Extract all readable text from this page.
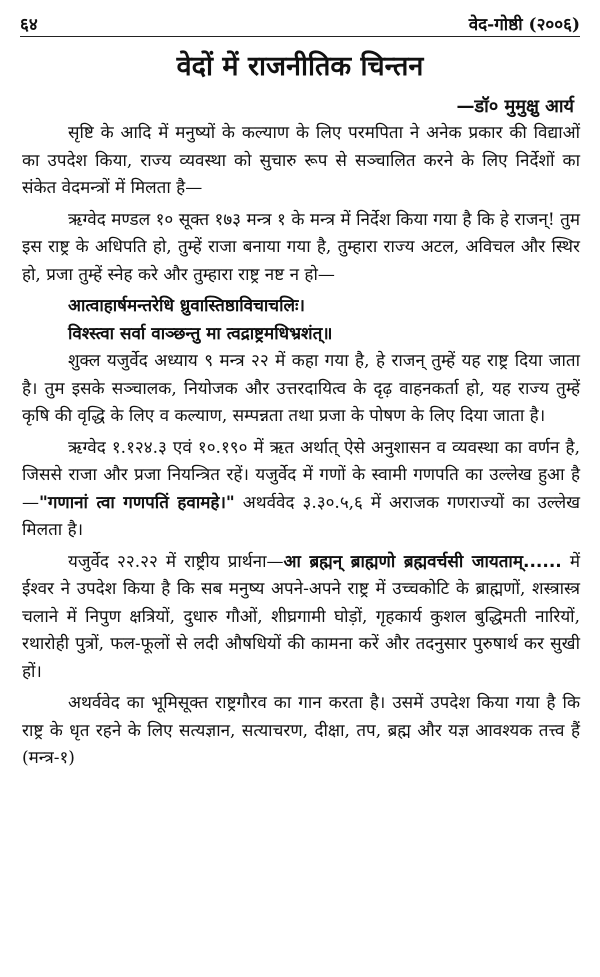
६४	वेद-गोष्ठी (२००६)
वेदों में राजनीतिक चिन्तन
—डॉ० मुमुक्षु आर्य

सृष्टि के आदि में मनुष्यों के कल्याण के लिए परमपिता ने अनेक प्रकार की विद्याओं का उपदेश किया, राज्य व्यवस्था को सुचारु रूप से सञ्चालित करने के लिए निर्देशों का संकेत वेदमन्त्रों में मिलता है—

ऋग्वेद मण्डल १० सूक्त १७३ मन्त्र १ के मन्त्र में निर्देश किया गया है कि हे राजन्! तुम इस राष्ट्र के अधिपति हो, तुम्हें राजा बनाया गया है, तुम्हारा राज्य अटल, अविचल और स्थिर हो, प्रजा तुम्हें स्नेह करे और तुम्हारा राष्ट्र नष्ट न हो—

आत्वाहार्षमन्तरेधि ध्रुवास्तिष्ठाविचाचलिः।

विश्स्त्वा सर्वा वाञ्छन्तु मा त्वद्राष्ट्रमधिभ्रशंत्॥

शुक्ल यजुर्वेद अध्याय ९ मन्त्र २२ में कहा गया है, हे राजन् तुम्हें यह राष्ट्र दिया जाता है। तुम इसके सञ्चालक, नियोजक और उत्तरदायित्व के दृढ़ वाहनकर्ता हो, यह राज्य तुम्हें कृषि की वृद्धि के लिए व कल्याण, सम्पन्नता तथा प्रजा के पोषण के लिए दिया जाता है।

ऋग्वेद १.१२४.३ एवं १०.१९० में ऋत अर्थात् ऐसे अनुशासन व व्यवस्था का वर्णन है, जिससे राजा और प्रजा नियन्त्रित रहें। यजुर्वेद में गणों के स्वामी गणपति का उल्लेख हुआ है—"गणानां त्वा गणपतिं हवामहे।" अथर्ववेद ३.३०.५,६ में अराजक गणराज्यों का उल्लेख मिलता है।

यजुर्वेद २२.२२ में राष्ट्रीय प्रार्थना—आ ब्रह्मन् ब्राह्मणो ब्रह्मवर्चसी जायताम्...... में ईश्वर ने उपदेश किया है कि सब मनुष्य अपने-अपने राष्ट्र में उच्चकोटि के ब्राह्मणों, शस्त्रास्त्र चलाने में निपुण क्षत्रियों, दुधारु गौओं, शीघ्रगामी घोड़ों, गृहकार्य कुशल बुद्धिमती नारियों, रथारोही पुत्रों, फल-फूलों से लदी औषधियों की कामना करें और तदनुसार पुरुषार्थ कर सुखी हों।

अथर्ववेद का भूमिसूक्त राष्ट्रगौरव का गान करता है। उसमें उपदेश किया गया है कि राष्ट्र के धृत रहने के लिए सत्यज्ञान, सत्याचरण, दीक्षा, तप, ब्रह्म और यज्ञ आवश्यक तत्त्व हैं (मन्त्र-१)
